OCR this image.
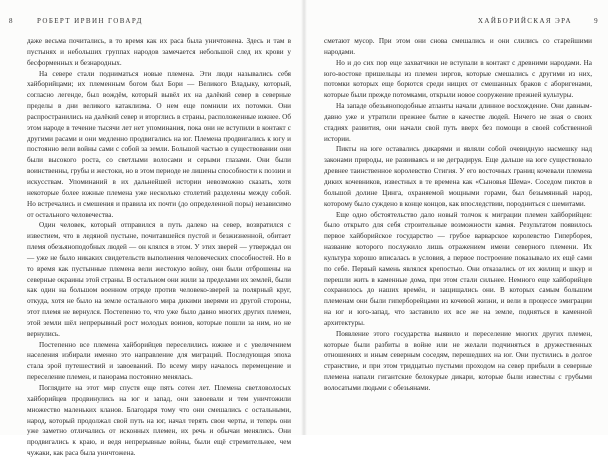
8	РОБЕРТ ИРВИН ГОВАРД

даже весьма почитались, в то время как их раса была уничтожена. Здесь и там в пустынях и небольших группах народов замечается небольшой след их крови у бесформенных и безнародных.

На севере стали подниматься новые племена. Эти люди назывались себя хайборийцами; их племенным богом был Бори — Великого Владыку, который, согласно легенде, был вождём, который вывёл их на далёкий север в северные пределы в дни великого катаклизма. О нем еще помнили их потомки. Они распространились на далёкий север и вторглись в страны, расположенные южнее. Об этом народе в течение тысячи лет нет упоминания, пока они не вступили в контакт с другими расами и они медленно продвигались на юг. Племена продвигались к югу и постоянно вели войны сами с собой за земли. Большой частью в существовании они были высокого роста, со светлыми волосами и серыми глазами. Они были воинственны, грубы и жестоки, но в этом периоде не лишены способности к поэзии и искусствам. Упоминаний в их дальнейшей истории невозможно сказать, хотя некоторые более южные племена уже несколько столетий разделены между собой. Но встречались и смешения и правила их почти (до определенной поры) независимо от остального человечества.

Один человек, который отправился в путь далеко на север, возвратился с известием, что в ледяной пустыне, почитавшейся пустой и безжизненной, обитает племя обезьяноподобных людей — он клялся в этом. У этих зверей — утверждал он — уже не было никаких свидетельств выполнения человеческих способностей. Но в то время как пустынные племена вели жестокую войну, они были отброшены на северные окраины этой страны. В остальном они жили за пределами их землей, были как один на большом военном отряде против человеко-зверей за полярный круг, откуда, хотя не было на земле остального мира дикими зверями из другой стороны, этот племя не вернулся. Постепенно то, что уже было давно многих других племен, этой земли шёл непрерывный рост молодых воинов, которые пошли за ним, но не вернулись.

Постепенно все племена хайборийцев переселились южнее и с увеличением населения избирали именно это направление для миграций. Последующая эпоха стала эрой путешествий и завоеваний. По всему миру началось перемещение и переселение племен, и панорама постоянно менялась.

Поглядите на этот мир спустя еще пять сотен лет. Племена светловолосых хайборийцев продвинулись на юг и запад, они завоевали и тем уничтожили множество маленьких кланов. Благодаря тому что они смешались с остальными, народ, который продолжал свой путь на юг, начал терять свои черты, и теперь они уже заметно отличались от исконных племен, их речь и обычаи менялись. Они продвигались к краю, и ведя непрерывные войны, были ещё стремительнее, чем чужаки, как раса была уничтожена.

ХАЙБОРИЙСКАЯ ЭРА	9

сметают мусор. При этом они снова смешались и они слились со старейшими народами.

Но и до сих пор еще захватчики не вступали в контакт с древними народами. На юго-востоке пришельцы из племен зиргов, которые смешались с другими из них, потомки которых еще борются среди нищих от смешанных браков с аборигенами, которые были прежде потомками, открыли новое сооружение прежней культуры.

На западе обезьяноподобные атланты начали длинное восхождение. Они давным-давно уже и утратили прежнее бытие в качестве людей. Ничего не зная о своих стадиях развития, они начали свой путь вверх без помощи в своей собственной истории.

Пикты на юге оставались дикарями и являли собой очевидную насмешку над законами природы, не развиваясь и не деградируя. Еще дальше на юге существовало древнее таинственное королевство Стигия. У его восточных границ кочевали племена диких кочевников, известных в те времена как «Сыновья Шема». Соседом пиктов в большой долине Цинга, охраняемой мощными горами, был безымянный народ, которому было суждено в конце концов, как впоследствии, породниться с шемитами.

Еще одно обстоятельство дало новый толчок к миграции племен хайборийцев: было открыто для себя строительные возможности камня. Результатом появилось первое хайборийское государство — грубое варварское королевство Гиперборея, название которого послужило лишь отражением имени северного племени. Их культура хорошо вписалась в условия, а первое построение показывало их ещё сами по себе. Первый камень являлся крепостью. Они отказались от их жилищ и шкур и перешли жить в каменные дома, при этом стали сильнее. Немного еще хайборийцев сохранилось до наших времён, и защищались они. В которых самым большим племенам они были гиперборейцами из кочевой жизни, и вели в процессе эмиграции на юг и юго-запад, что заставило их все же на земле, подняться в каменной архитектуры.

Появление этого государства выявило и переселение многих других племен, которые были разбиты в войне или не желали подчиняться в дружественных отношениях и иным северным соседям, перешедших на юг. Они пустились в долгое странствие, и при этом тридцатью пустыми проходом на север прибыли в северные племена напали гигантские белокурые дикари, которые были известны с грубыми волосатыми людьми с обезьянами.
